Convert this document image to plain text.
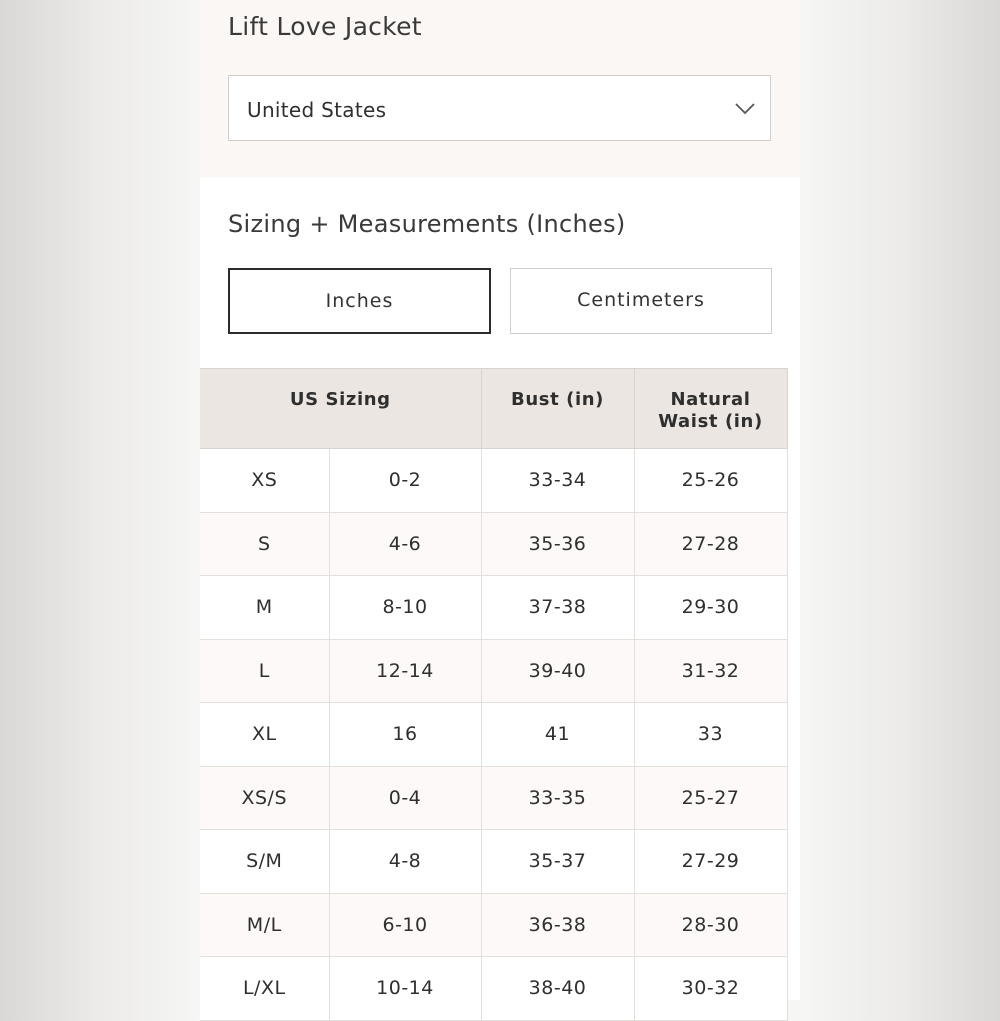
Lift Love Jacket
United States
Sizing + Measurements (Inches)
Inches	Centimeters
US Sizing		Bust (in)	Natural
Waist (in)
XS	0-2	33-34	25-26
S	4-6	35-36	27-28
M	8-10	37-38	29-30
L	12-14	39-40	31-32
XL	16	41	33
XS/S	0-4	33-35	25-27
S/M	4-8	35-37	27-29
M/L	6-10	36-38	28-30
L/XL	10-14	38-40	30-32
